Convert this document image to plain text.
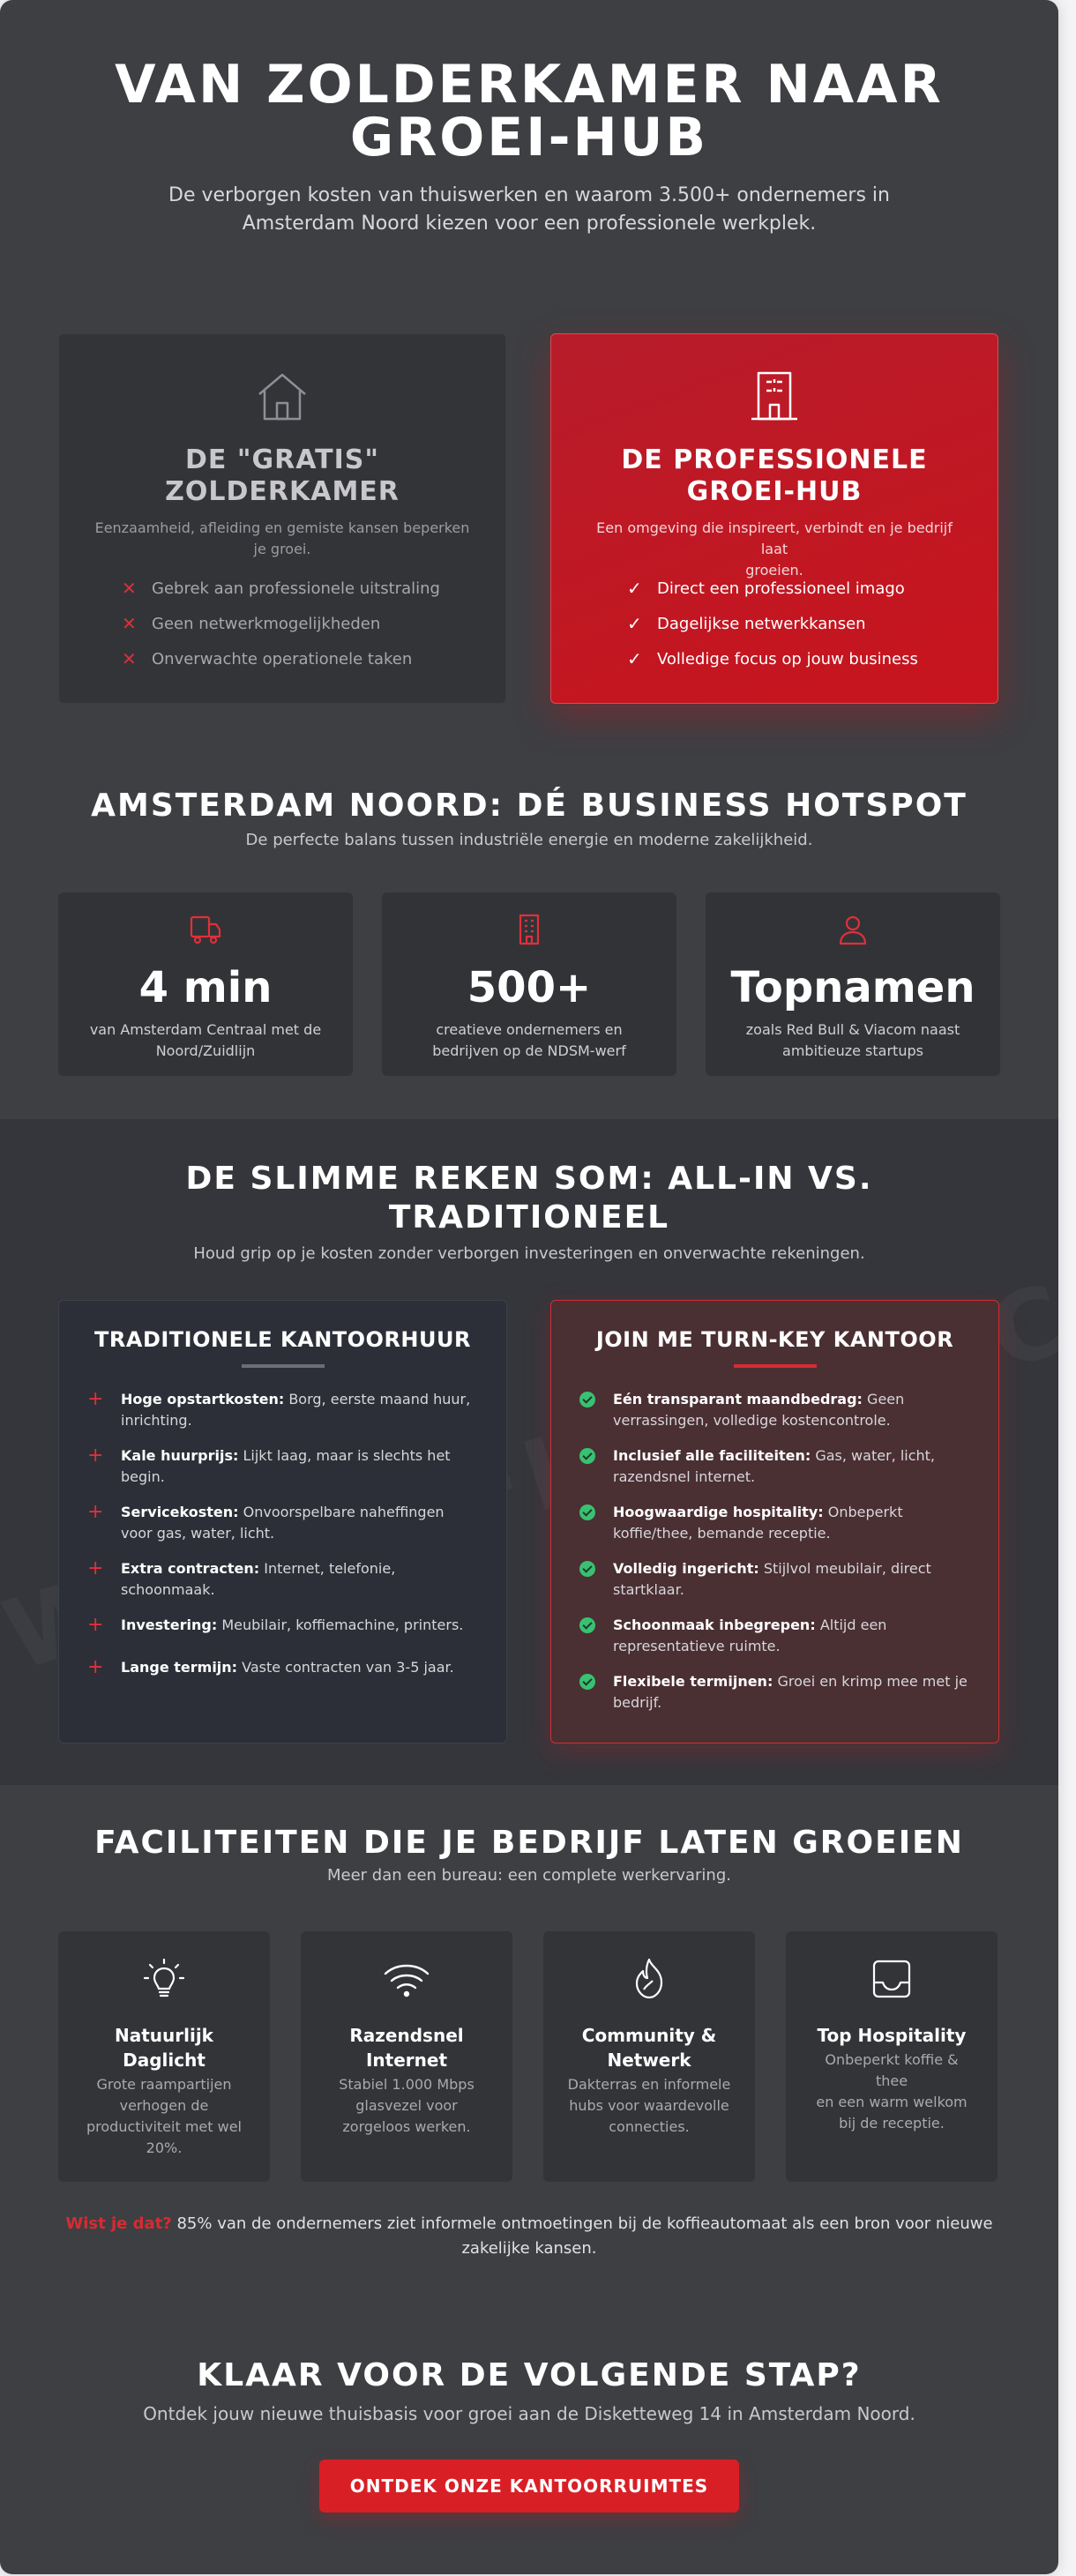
VAN ZOLDERKAMER NAAR
GROEI-HUB
De verborgen kosten van thuiswerken en waarom 3.500+ ondernemers in
Amsterdam Noord kiezen voor een professionele werkplek.
DE "GRATIS"
ZOLDERKAMER
Eenzaamheid, afleiding en gemiste kansen beperken
je groei.
✕ Gebrek aan professionele uitstraling
✕ Geen netwerkmogelijkheden
✕ Onverwachte operationele taken
DE PROFESSIONELE
GROEI-HUB
Een omgeving die inspireert, verbindt en je bedrijf laat
groeien.
✓ Direct een professioneel imago
✓ Dagelijkse netwerkkansen
✓ Volledige focus op jouw business
AMSTERDAM NOORD: DÉ BUSINESS HOTSPOT
De perfecte balans tussen industriële energie en moderne zakelijkheid.
4 min
van Amsterdam Centraal met de
Noord/Zuidlijn
500+
creatieve ondernemers en
bedrijven op de NDSM-werf
Topnamen
zoals Red Bull & Viacom naast
ambitieuze startups
DE SLIMME REKEN SOM: ALL-IN VS.
TRADITIONEEL
Houd grip op je kosten zonder verborgen investeringen en onverwachte rekeningen.
TRADITIONELE KANTOORHUUR
+	Hoge opstartkosten: Borg, eerste maand huur,
inrichting.
+	Kale huurprijs: Lijkt laag, maar is slechts het
begin.
+	Servicekosten: Onvoorspelbare naheffingen
voor gas, water, licht.
+	Extra contracten: Internet, telefonie,
schoonmaak.
+	Investering: Meubilair, koffiemachine, printers.
+	Lange termijn: Vaste contracten van 3-5 jaar.
JOIN ME TURN-KEY KANTOOR
Eén transparant maandbedrag: Geen
verrassingen, volledige kostencontrole.
Inclusief alle faciliteiten: Gas, water, licht,
razendsnel internet.
Hoogwaardige hospitality: Onbeperkt
koffie/thee, bemande receptie.
Volledig ingericht: Stijlvol meubilair, direct
startklaar.
Schoonmaak inbegrepen: Altijd een
representatieve ruimte.
Flexibele termijnen: Groei en krimp mee met je
bedrijf.
FACILITEITEN DIE JE BEDRIJF LATEN GROEIEN
Meer dan een bureau: een complete werkervaring.
Natuurlijk
Daglicht
Grote raampartijen
verhogen de
productiviteit met wel
20%.
Razendsnel
Internet
Stabiel 1.000 Mbps
glasvezel voor
zorgeloos werken.
Community &
Netwerk
Dakterras en informele
hubs voor waardevolle
connecties.
Top Hospitality
Onbeperkt koffie & thee
en een warm welkom
bij de receptie.
Wist je dat? 85% van de ondernemers ziet informele ontmoetingen bij de koffieautomaat als een bron voor nieuwe
zakelijke kansen.
KLAAR VOOR DE VOLGENDE STAP?
Ontdek jouw nieuwe thuisbasis voor groei aan de Disketteweg 14 in Amsterdam Noord.
ONTDEK ONZE KANTOORRUIMTES
